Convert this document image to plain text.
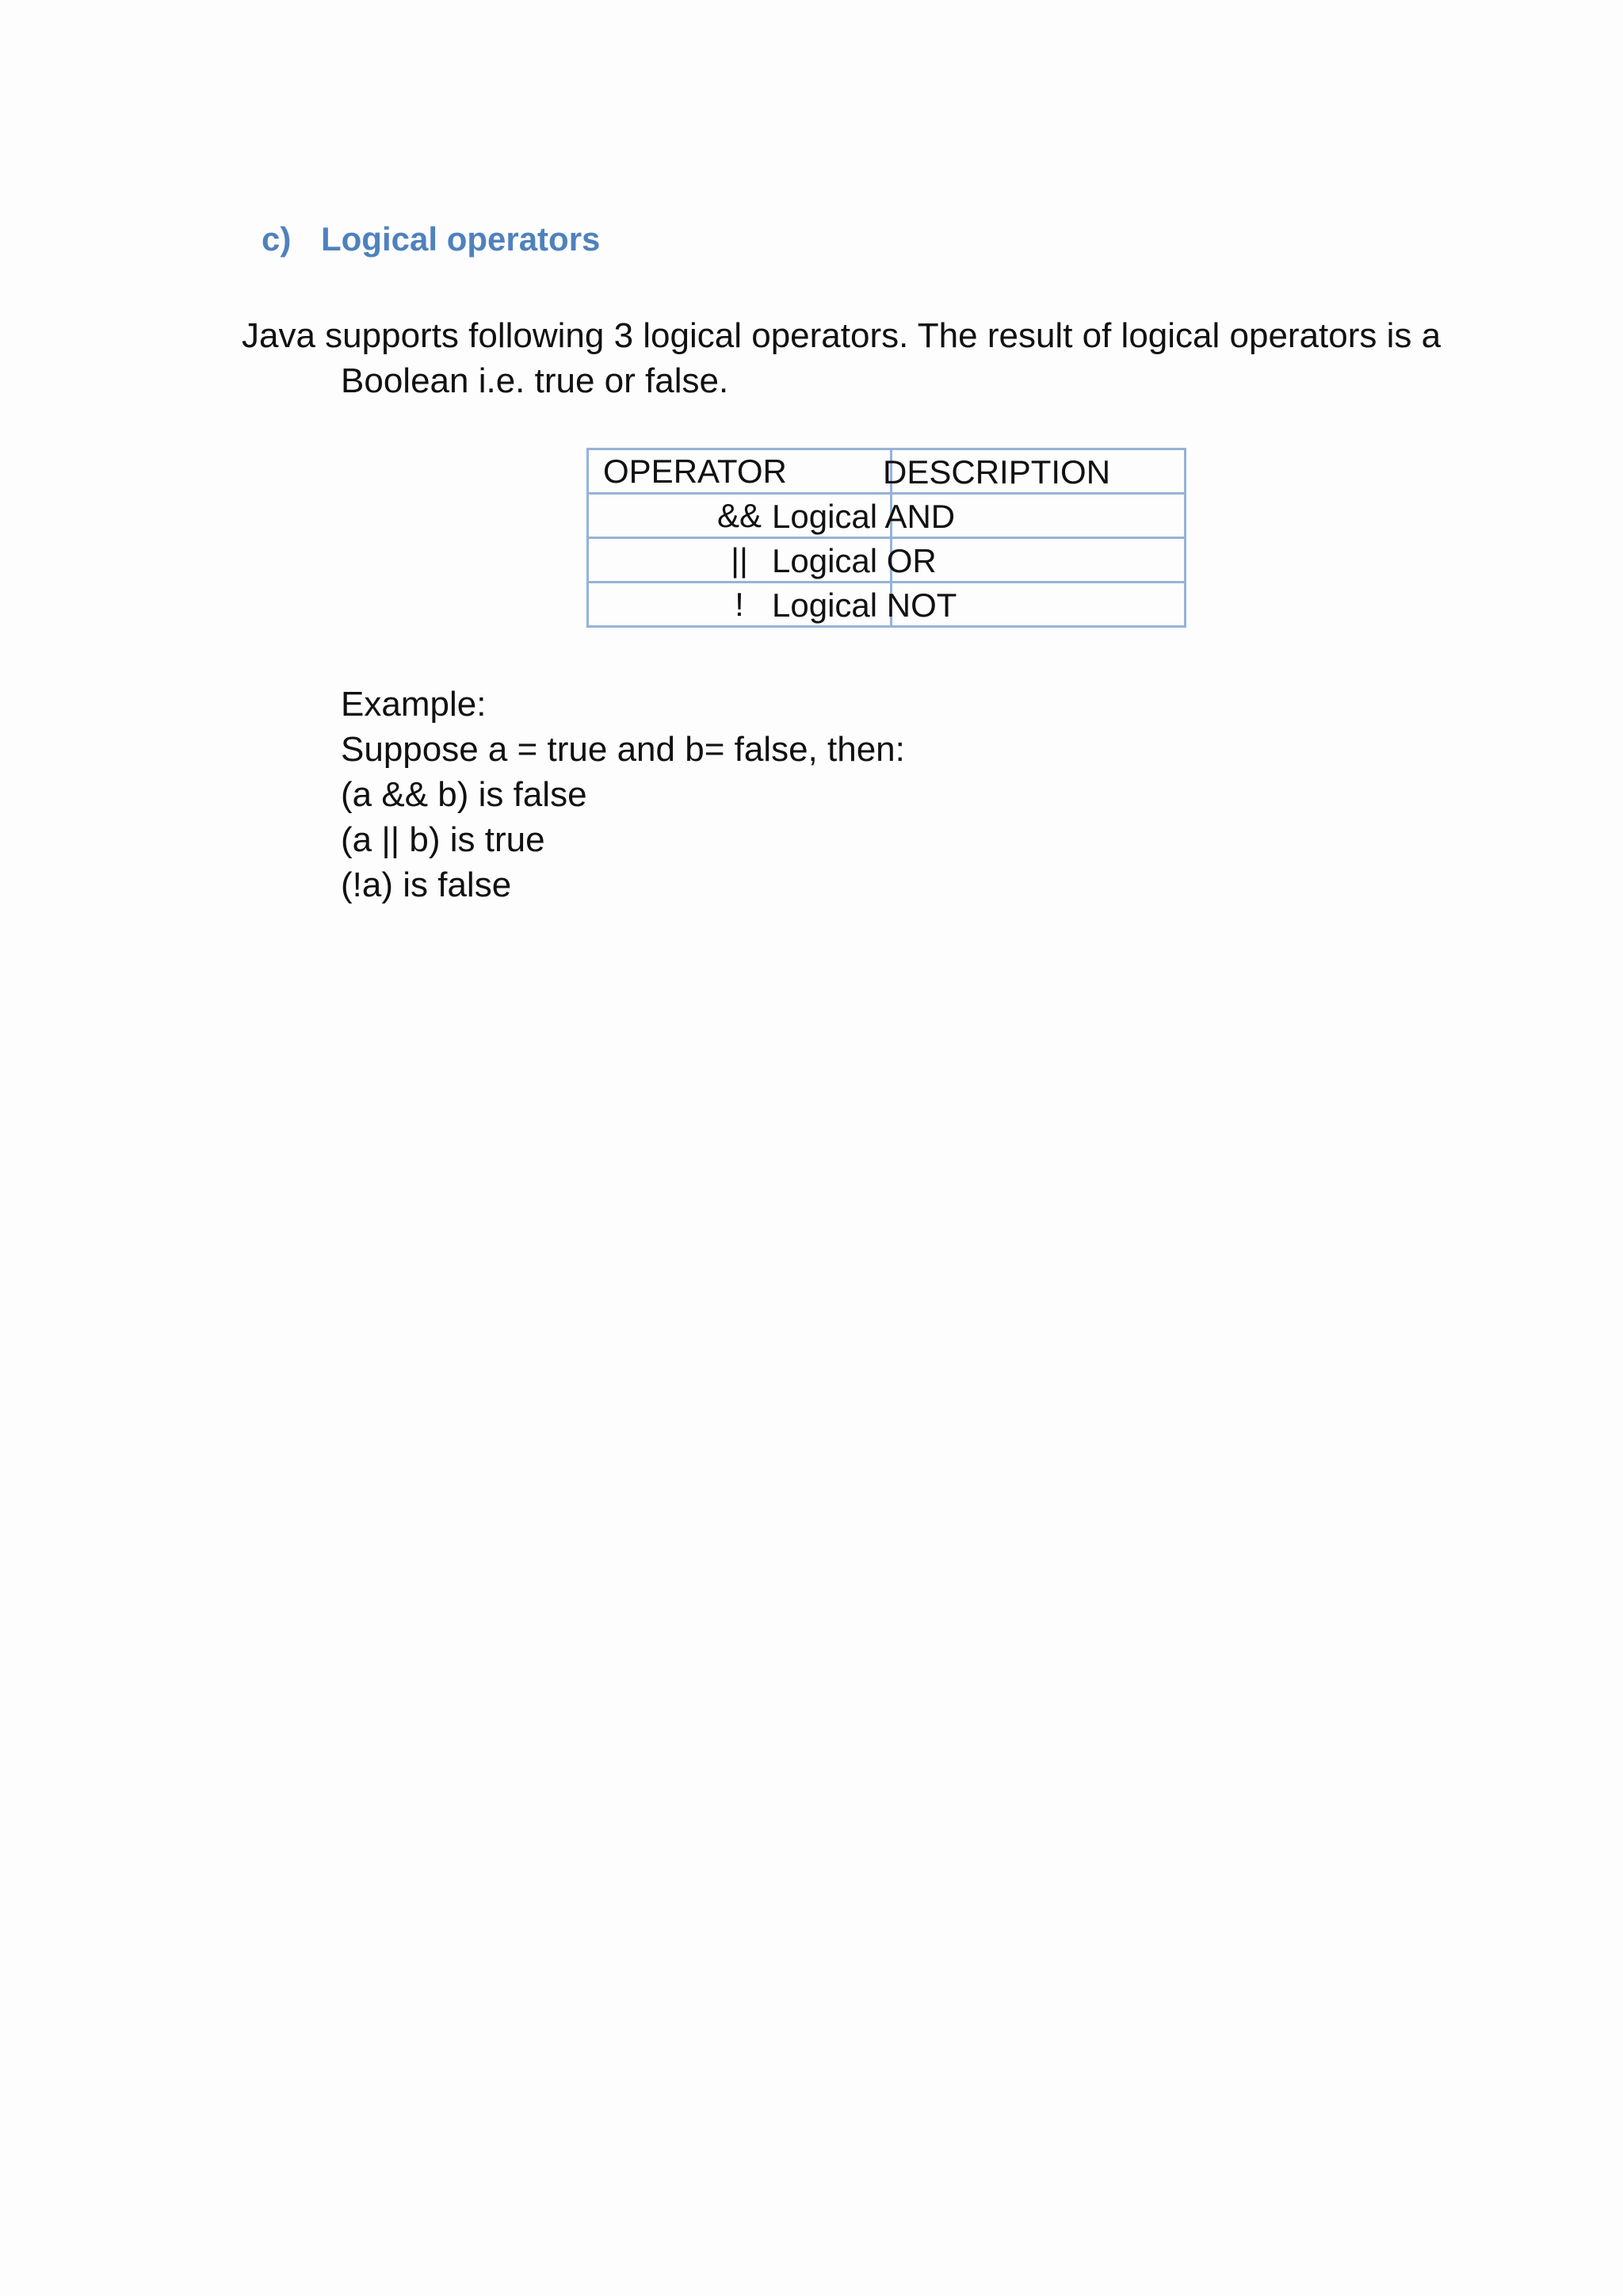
c) Logical operators
Java supports following 3 logical operators. The result of logical operators is a
Boolean i.e. true or false.
OPERATOR	DESCRIPTION

&&	Logical AND

||	Logical OR

!	Logical NOT
Example:
Suppose a = true and b= false, then:
(a && b) is false
(a || b) is true
(!a) is false
